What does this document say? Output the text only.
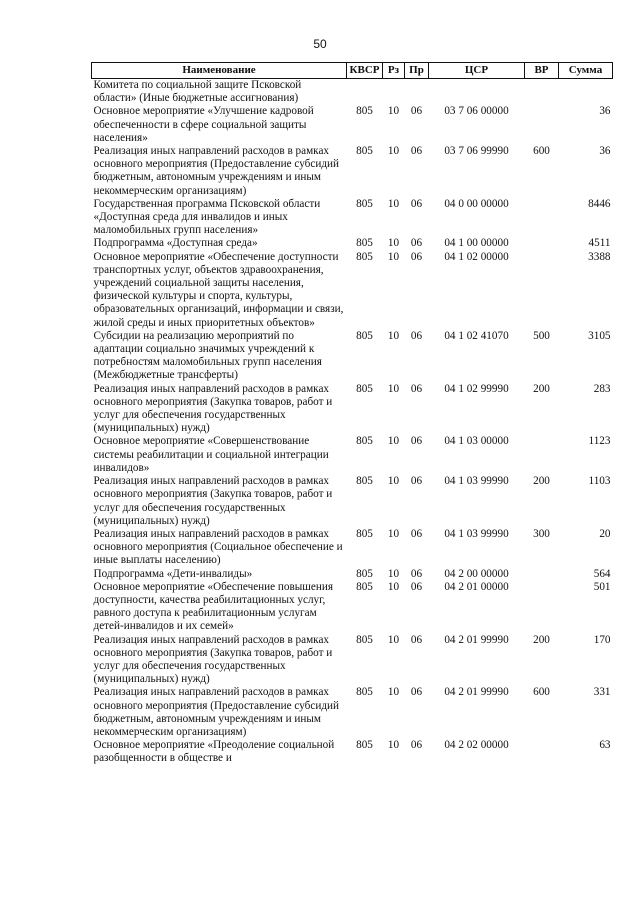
50
Наименование	КВСР	Рз	Пр	ЦСР	ВР	Сумма
Комитета по социальной защите Псковской области» (Иные бюджетные ассигнования)						
Основное мероприятие «Улучшение кадровой обеспеченности в сфере социальной защиты населения»	805	10	06	03 7 06 00000		36
Реализация иных направлений расходов в рамках основного мероприятия (Предоставление субсидий бюджетным, автономным учреждениям и иным некоммерческим организациям)	805	10	06	03 7 06 99990	600	36
Государственная программа Псковской области «Доступная среда для инвалидов и иных маломобильных групп населения»	805	10	06	04 0 00 00000		8446
Подпрограмма «Доступная среда»	805	10	06	04 1 00 00000		4511
Основное мероприятие «Обеспечение доступности транспортных услуг, объектов здравоохранения, учреждений социальной защиты населения, физической культуры и спорта, культуры, образовательных организаций, информации и связи, жилой среды и иных приоритетных объектов»	805	10	06	04 1 02 00000		3388
Субсидии на реализацию мероприятий по адаптации социально значимых учреждений к потребностям маломобильных групп населения (Межбюджетные трансферты)	805	10	06	04 1 02 41070	500	3105
Реализация иных направлений расходов в рамках основного мероприятия (Закупка товаров, работ и услуг для обеспечения государственных (муниципальных) нужд)	805	10	06	04 1 02 99990	200	283
Основное мероприятие «Совершенствование системы реабилитации и социальной интеграции инвалидов»	805	10	06	04 1 03 00000		1123
Реализация иных направлений расходов в рамках основного мероприятия (Закупка товаров, работ и услуг для обеспечения государственных (муниципальных) нужд)	805	10	06	04 1 03 99990	200	1103
Реализация иных направлений расходов в рамках основного мероприятия (Социальное обеспечение и иные выплаты населению)	805	10	06	04 1 03 99990	300	20
Подпрограмма «Дети-инвалиды»	805	10	06	04 2 00 00000		564
Основное мероприятие «Обеспечение повышения доступности, качества реабилитационных услуг, равного доступа к реабилитационным услугам детей-инвалидов и их семей»	805	10	06	04 2 01 00000		501
Реализация иных направлений расходов в рамках основного мероприятия (Закупка товаров, работ и услуг для обеспечения государственных (муниципальных) нужд)	805	10	06	04 2 01 99990	200	170
Реализация иных направлений расходов в рамках основного мероприятия (Предоставление субсидий бюджетным, автономным учреждениям и иным некоммерческим организациям)	805	10	06	04 2 01 99990	600	331
Основное мероприятие «Преодоление социальной разобщенности в обществе и	805	10	06	04 2 02 00000		63
